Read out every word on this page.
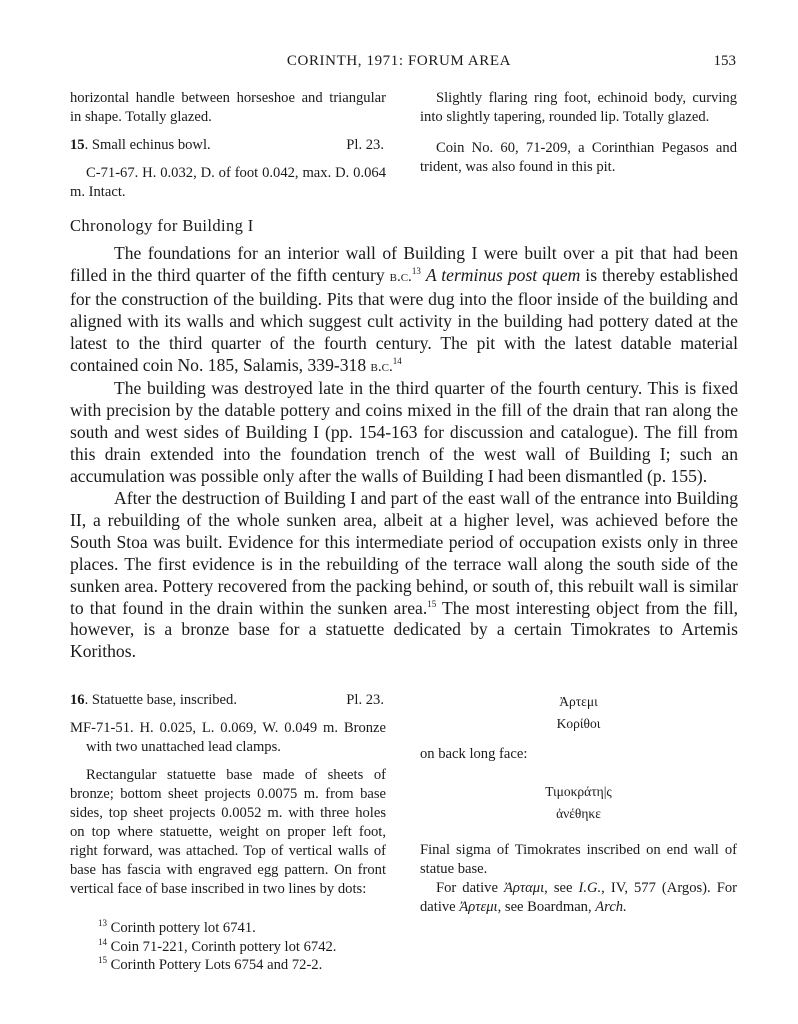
CORINTH, 1971: FORUM AREA	153

horizontal handle between horseshoe and triangular in shape. Totally glazed.

15. Small echinus bowl.	Pl. 23.

C-71-67. H. 0.032, D. of foot 0.042, max. D. 0.064 m. Intact.

Slightly flaring ring foot, echinoid body, curving into slightly tapering, rounded lip. Totally glazed.

Coin No. 60, 71-209, a Corinthian Pegasos and trident, was also found in this pit.

Chronology for Building I

The foundations for an interior wall of Building I were built over a pit that had been filled in the third quarter of the fifth century b.c.$^{13}$ A terminus post quem is thereby established for the construction of the building. Pits that were dug into the floor inside of the building and aligned with its walls and which suggest cult activity in the building had pottery dated at the latest to the third quarter of the fourth century. The pit with the latest datable material contained coin No. 185, Salamis, 339-318 b.c.$^{14}$

The building was destroyed late in the third quarter of the fourth century. This is fixed with precision by the datable pottery and coins mixed in the fill of the drain that ran along the south and west sides of Building I (pp. 154-163 for discussion and catalogue). The fill from this drain extended into the foundation trench of the west wall of Building I; such an accumulation was possible only after the walls of Building I had been dismantled (p. 155).

After the destruction of Building I and part of the east wall of the entrance into Building II, a rebuilding of the whole sunken area, albeit at a higher level, was achieved before the South Stoa was built. Evidence for this intermediate period of occupation exists only in three places. The first evidence is in the rebuilding of the terrace wall along the south side of the sunken area. Pottery recovered from the packing behind, or south of, this rebuilt wall is similar to that found in the drain within the sunken area.$^{15}$ The most interesting object from the fill, however, is a bronze base for a statuette dedicated by a certain Timokrates to Artemis Korithos.

16. Statuette base, inscribed.	Pl. 23.

MF-71-51. H. 0.025, L. 0.069, W. 0.049 m. Bronze with two unattached lead clamps.

Rectangular statuette base made of sheets of bronze; bottom sheet projects 0.0075 m. from base sides, top sheet projects 0.0052 m. with three holes on top where statuette, weight on proper left foot, right forward, was attached. Top of vertical walls of base has fascia with engraved egg pattern. On front vertical face of base inscribed in two lines by dots:

Ἀρτεμι
Κορίθοι

on back long face:

Τιμοκράτη|ς
ἀνέθηκε

Final sigma of Timokrates inscribed on end wall of statue base.

For dative Ἀρταμι, see I.G., IV, 577 (Argos). For dative Ἀρτεμι, see Boardman, Arch.

$^{13}$ Corinth pottery lot 6741.

$^{14}$ Coin 71-221, Corinth pottery lot 6742.

$^{15}$ Corinth Pottery Lots 6754 and 72-2.
